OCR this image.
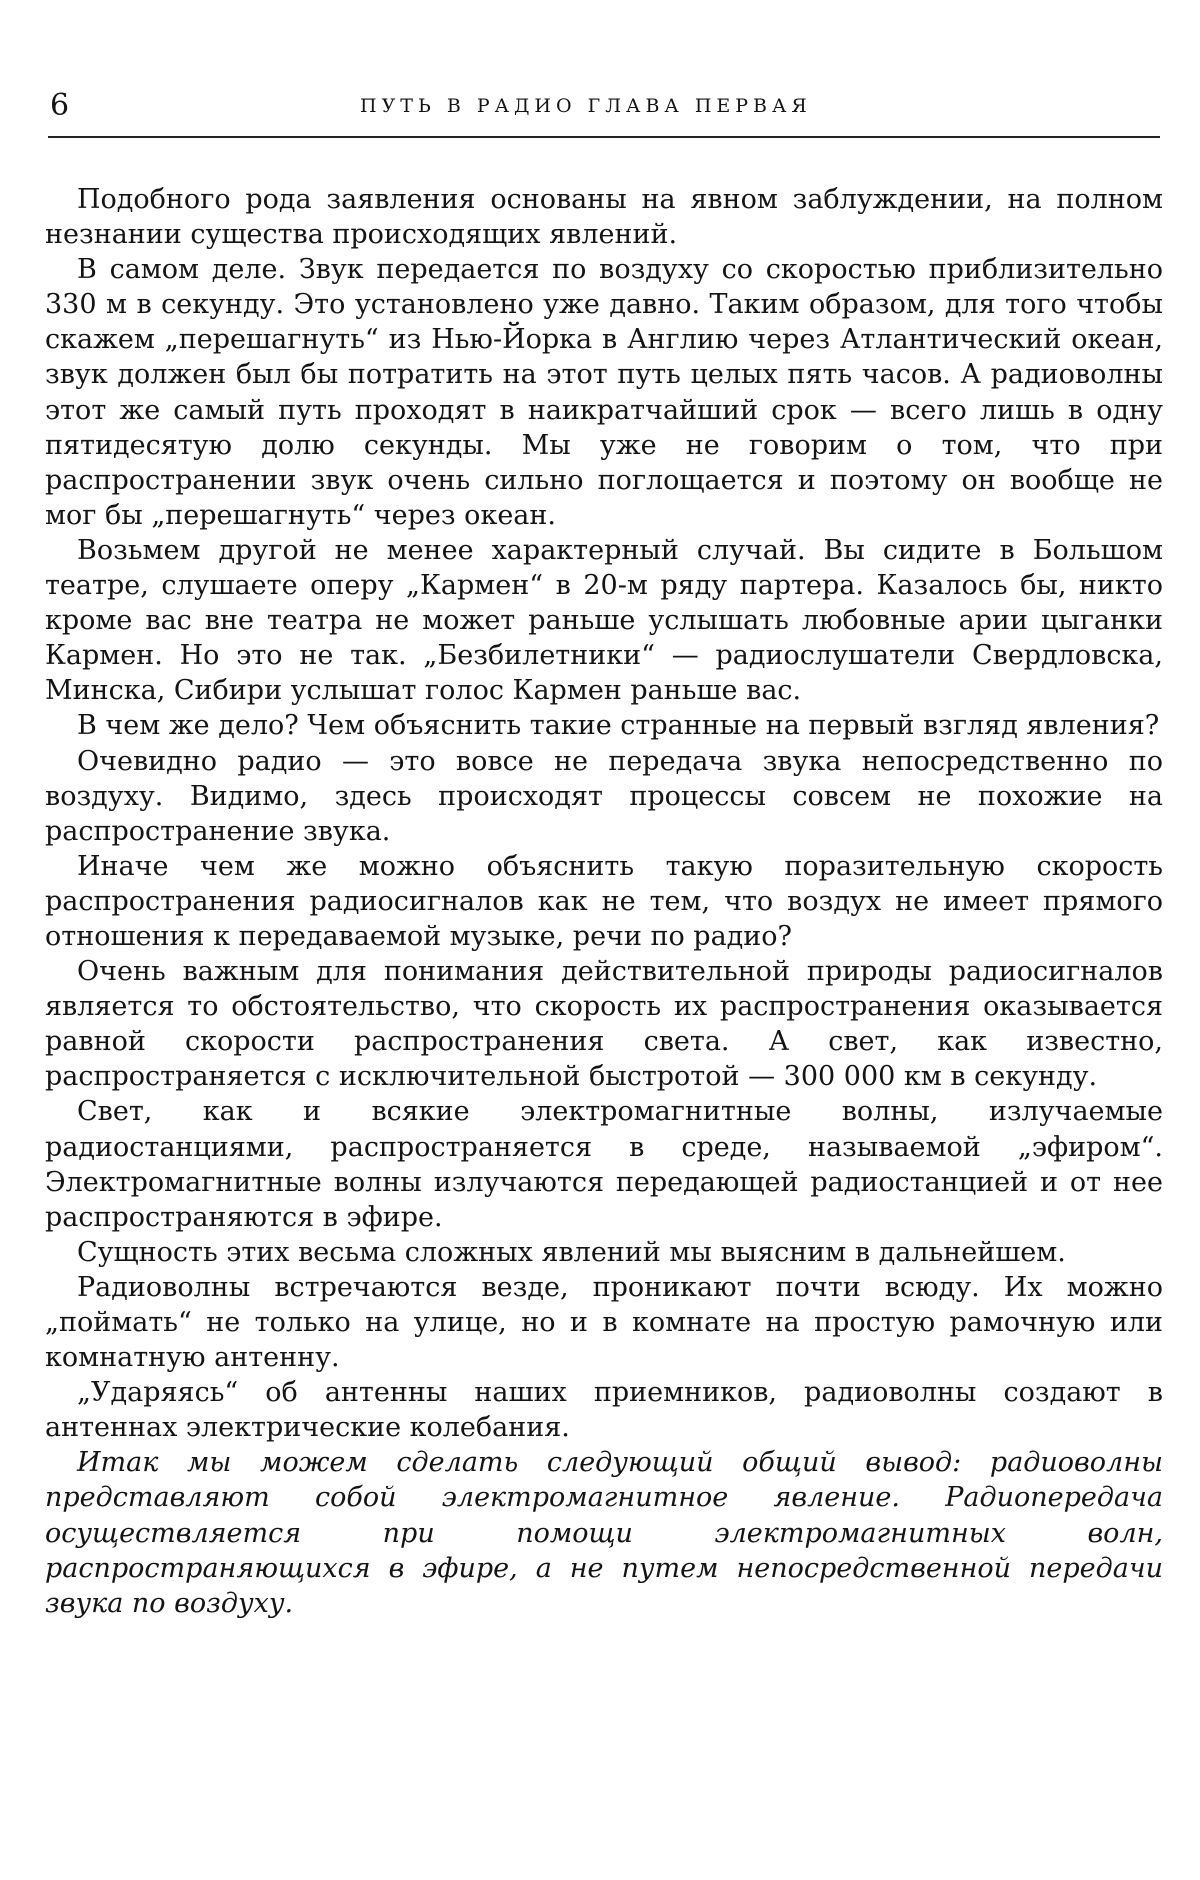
6	ПУТЬ В РАДИО ГЛАВА ПЕРВАЯ

Подобного рода заявления основаны на явном заблуждении, на полном незнании существа происходящих явлений.

В самом деле. Звук передается по воздуху со скоростью приблизительно 330 м в секунду. Это установлено уже давно. Таким образом, для того чтобы скажем „перешагнуть“ из Нью-Йорка в Англию через Атлантический океан, звук должен был бы потратить на этот путь целых пять часов. А радиоволны этот же самый путь проходят в наикратчайший срок — всего лишь в одну пятидесятую долю секунды. Мы уже не говорим о том, что при распространении звук очень сильно поглощается и поэтому он вообще не мог бы „перешагнуть“ через океан.

Возьмем другой не менее характерный случай. Вы сидите в Большом театре, слушаете оперу „Кармен“ в 20-м ряду партера. Казалось бы, никто кроме вас вне театра не может раньше услышать любовные арии цыганки Кармен. Но это не так. „Безбилетники“ — радиослушатели Свердловска, Минска, Сибири услышат голос Кармен раньше вас.

В чем же дело? Чем объяснить такие странные на первый взгляд явления?

Очевидно радио — это вовсе не передача звука непосредственно по воздуху. Видимо, здесь происходят процессы совсем не похожие на распространение звука.

Иначе чем же можно объяснить такую поразительную скорость распространения радиосигналов как не тем, что воздух не имеет прямого отношения к передаваемой музыке, речи по радио?

Очень важным для понимания действительной природы радиосигналов является то обстоятельство, что скорость их распространения оказывается равной скорости распространения света. А свет, как известно, распространяется с исключительной быстротой — 300 000 км в секунду.

Свет, как и всякие электромагнитные волны, излучаемые радиостанциями, распространяется в среде, называемой „эфиром“. Электромагнитные волны излучаются передающей радиостанцией и от нее распространяются в эфире.

Сущность этих весьма сложных явлений мы выясним в дальнейшем.

Радиоволны встречаются везде, проникают почти всюду. Их можно „поймать“ не только на улице, но и в комнате на простую рамочную или комнатную антенну.

„Ударяясь“ об антенны наших приемников, радиоволны создают в антеннах электрические колебания.

Итак мы можем сделать следующий общий вывод: радиоволны представляют собой электромагнитное явление. Радиопередача осуществляется при помощи электромагнитных волн, распространяющихся в эфире, а не путем непосредственной передачи звука по воздуху.
